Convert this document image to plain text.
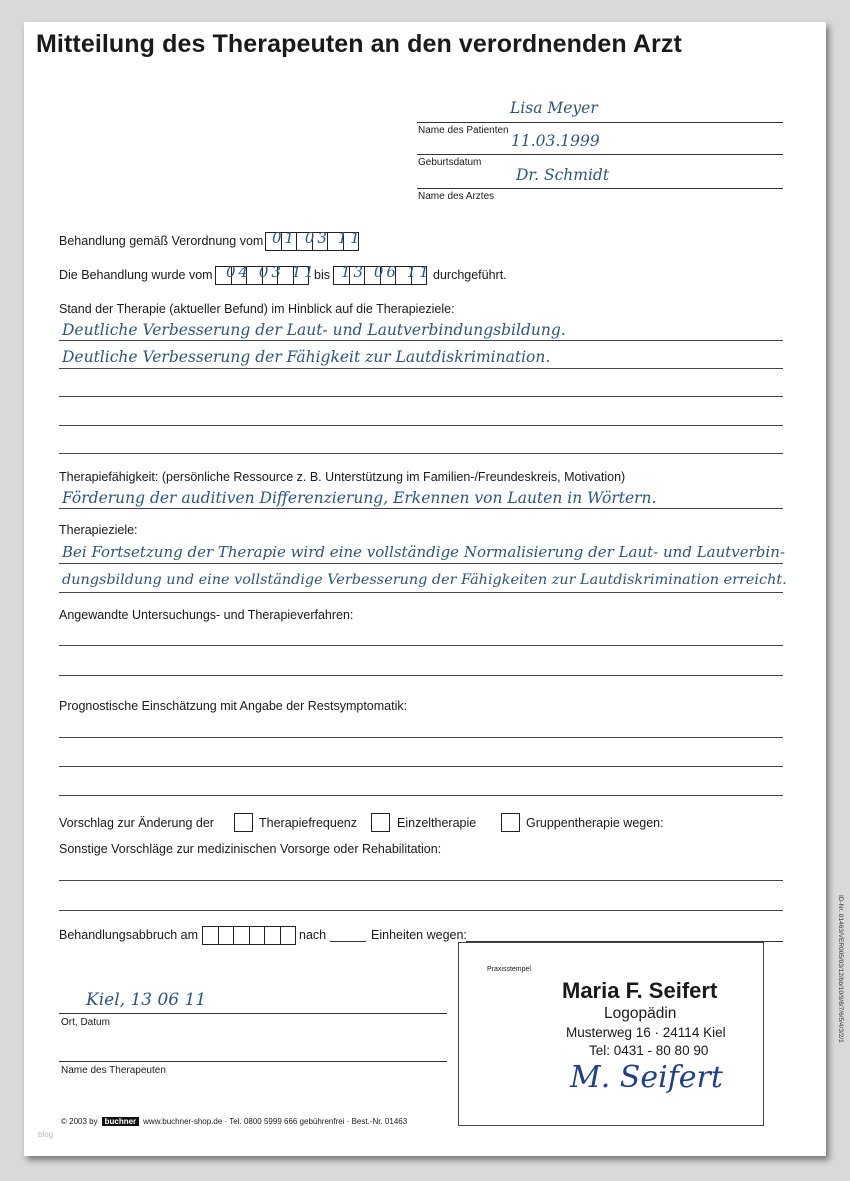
Mitteilung des Therapeuten an den verordnenden Arzt
Lisa Meyer
Name des Patienten
11.03.1999
Geburtsdatum
Dr. Schmidt
Name des Arztes
Behandlung gemäß Verordnung vom 01 03 11
Die Behandlung wurde vom 04 03 11
bis 13 06 11 durchgeführt.
Stand der Therapie (aktueller Befund) im Hinblick auf die Therapieziele:
Deutliche Verbesserung der Laut- und Lautverbindungsbildung.
Deutliche Verbesserung der Fähigkeit zur Lautdiskrimination.
Therapiefähigkeit: (persönliche Ressource z. B. Unterstützung im Familien-/Freundeskreis, Motivation)
Förderung der auditiven Differenzierung, Erkennen von Lauten in Wörtern.
Therapieziele:
Bei Fortsetzung der Therapie wird eine vollständige Normalisierung der Laut- und Lautverbin-
dungsbildung und eine vollständige Verbesserung der Fähigkeiten zur Lautdiskrimination erreicht.
Angewandte Untersuchungs- und Therapieverfahren:
Prognostische Einschätzung mit Angabe der Restsymptomatik:
Vorschlag zur Änderung der	Therapiefrequenz	Einzeltherapie	Gruppentherapie wegen:
Sonstige Vorschläge zur medizinischen Vorsorge oder Rehabilitation:
Behandlungsabbruch am	nach	Einheiten wegen:
Kiel, 13 06 11
Ort, Datum
Name des Therapeuten
Praxisstempel
Maria F. Seifert
Logopädin
Musterweg 16 · 24114 Kiel
Tel: 0431 - 80 80 90
M. Seifert
© 2003 by buchner www.buchner-shop.de · Tel. 0800 5999 666 gebührenfrei · Best.-Nr. 01463
ID-Nr. 01463/VER005/03/12/bb/10/9/8/7/6/5/4/3/2/1
blog
